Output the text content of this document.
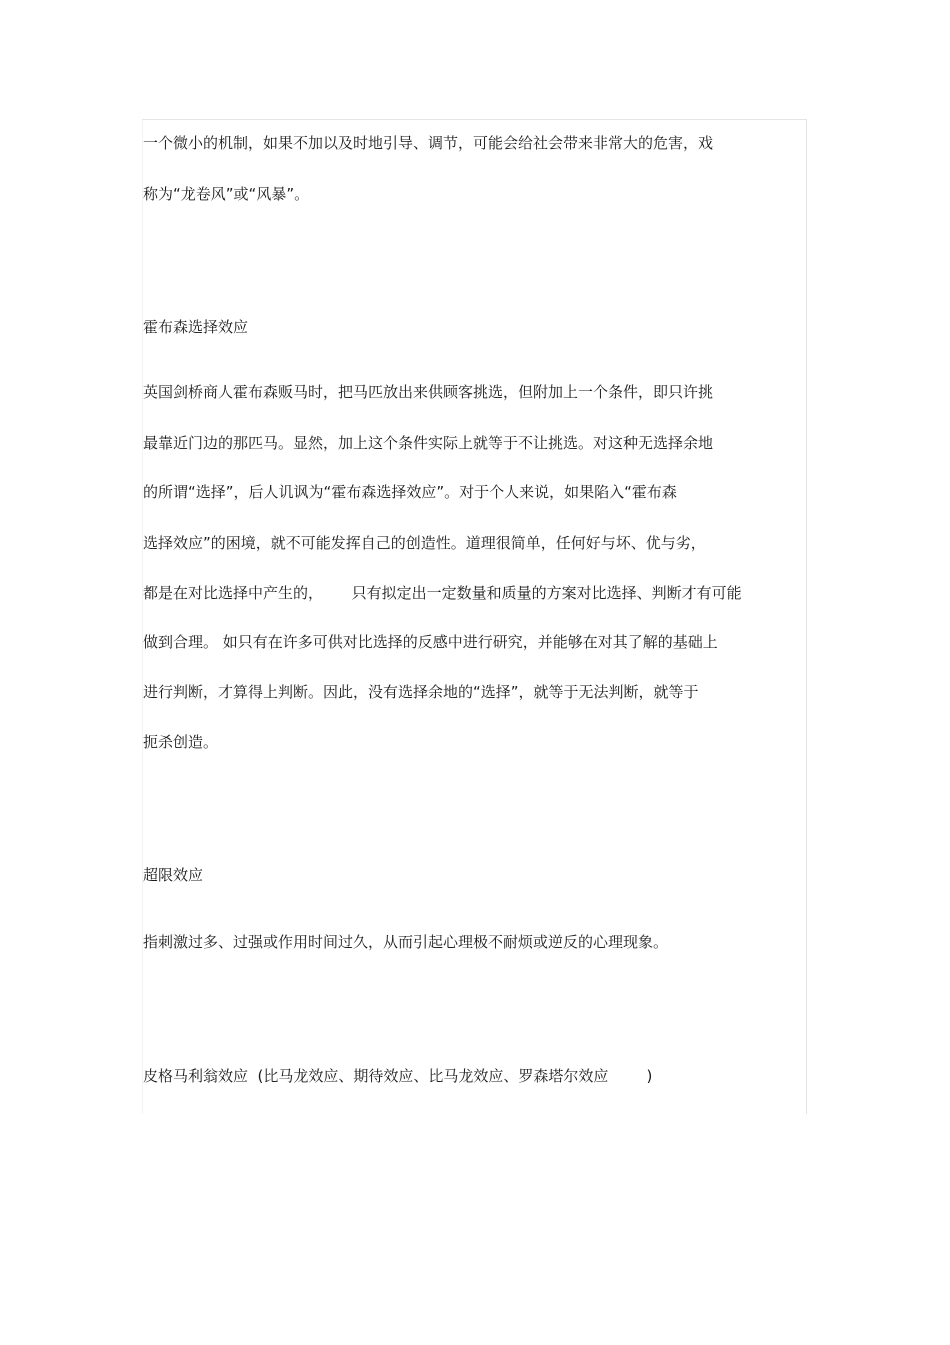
一个微小的机制，如果不加以及时地引导、调节，可能会给社会带来非常大的危害，戏
称为“龙卷风”或“风暴”。
霍布森选择效应
英国剑桥商人霍布森贩马时，把马匹放出来供顾客挑选，但附加上一个条件，即只许挑
最靠近门边的那匹马。显然，加上这个条件实际上就等于不让挑选。对这种无选择余地
的所谓“选择”，后人讥讽为“霍布森选择效应”。对于个人来说，如果陷入“霍布森
选择效应”的困境，就不可能发挥自己的创造性。道理很简单，任何好与坏、优与劣，
都是在对比选择中产生的，      只有拟定出一定数量和质量的方案对比选择、判断才有可能
做到合理。 如只有在许多可供对比选择的反感中进行研究，并能够在对其了解的基础上
进行判断，才算得上判断。因此，没有选择余地的“选择”，就等于无法判断，就等于
扼杀创造。
超限效应
指刺激过多、过强或作用时间过久，从而引起心理极不耐烦或逆反的心理现象。
皮格马利翁效应  (比马龙效应、期待效应、比马龙效应、罗森塔尔效应        )
